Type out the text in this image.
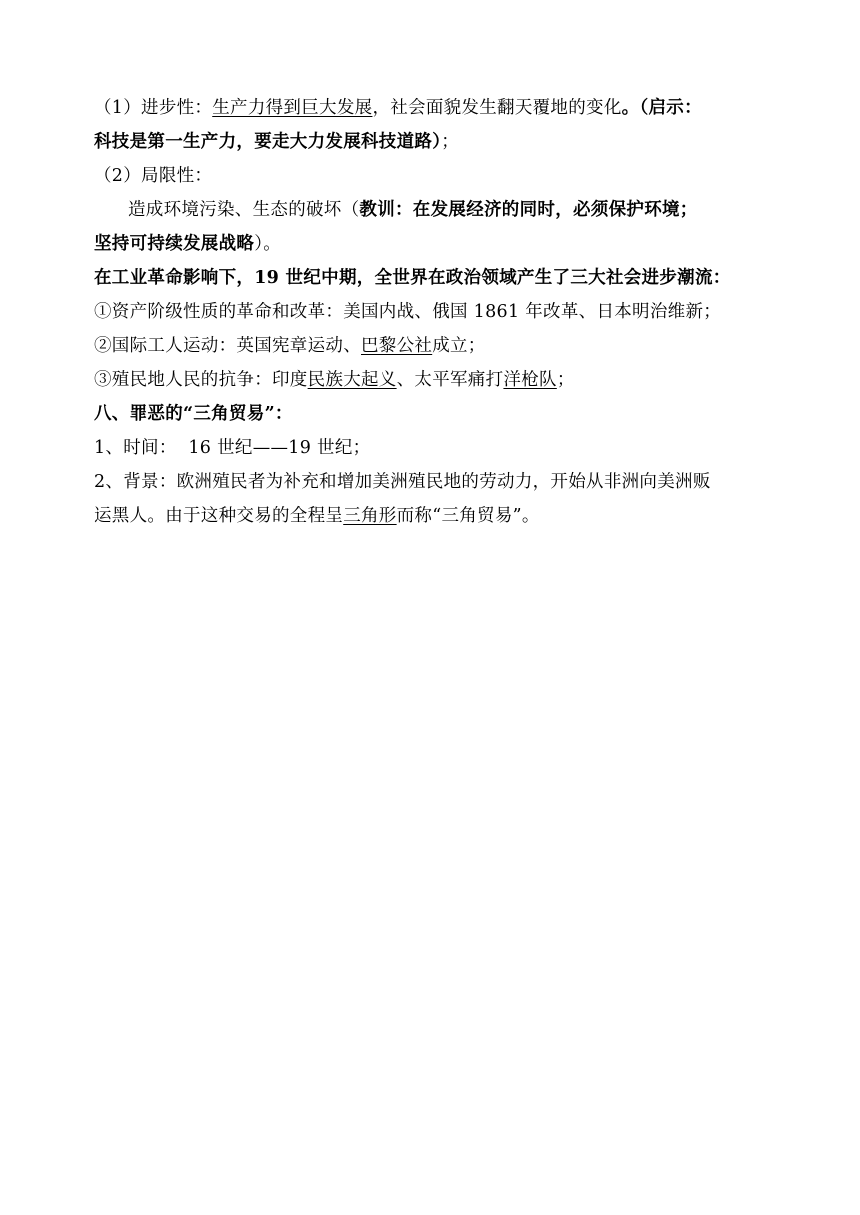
（1）进步性：生产力得到巨大发展，社会面貌发生翻天覆地的变化。（启示：
科技是第一生产力，要走大力发展科技道路）；
（2）局限性：
造成环境污染、生态的破坏（教训：在发展经济的同时，必须保护环境；
坚持可持续发展战略）。
在工业革命影响下，19 世纪中期，全世界在政治领域产生了三大社会进步潮流：
①资产阶级性质的革命和改革：美国内战、俄国 1861 年改革、日本明治维新；
②国际工人运动：英国宪章运动、巴黎公社成立；
③殖民地人民的抗争：印度民族大起义、太平军痛打洋枪队；
八、罪恶的“三角贸易”：
1、时间：  16 世纪——19 世纪；
2、背景：欧洲殖民者为补充和增加美洲殖民地的劳动力，开始从非洲向美洲贩
运黑人。由于这种交易的全程呈三角形而称“三角贸易”。
